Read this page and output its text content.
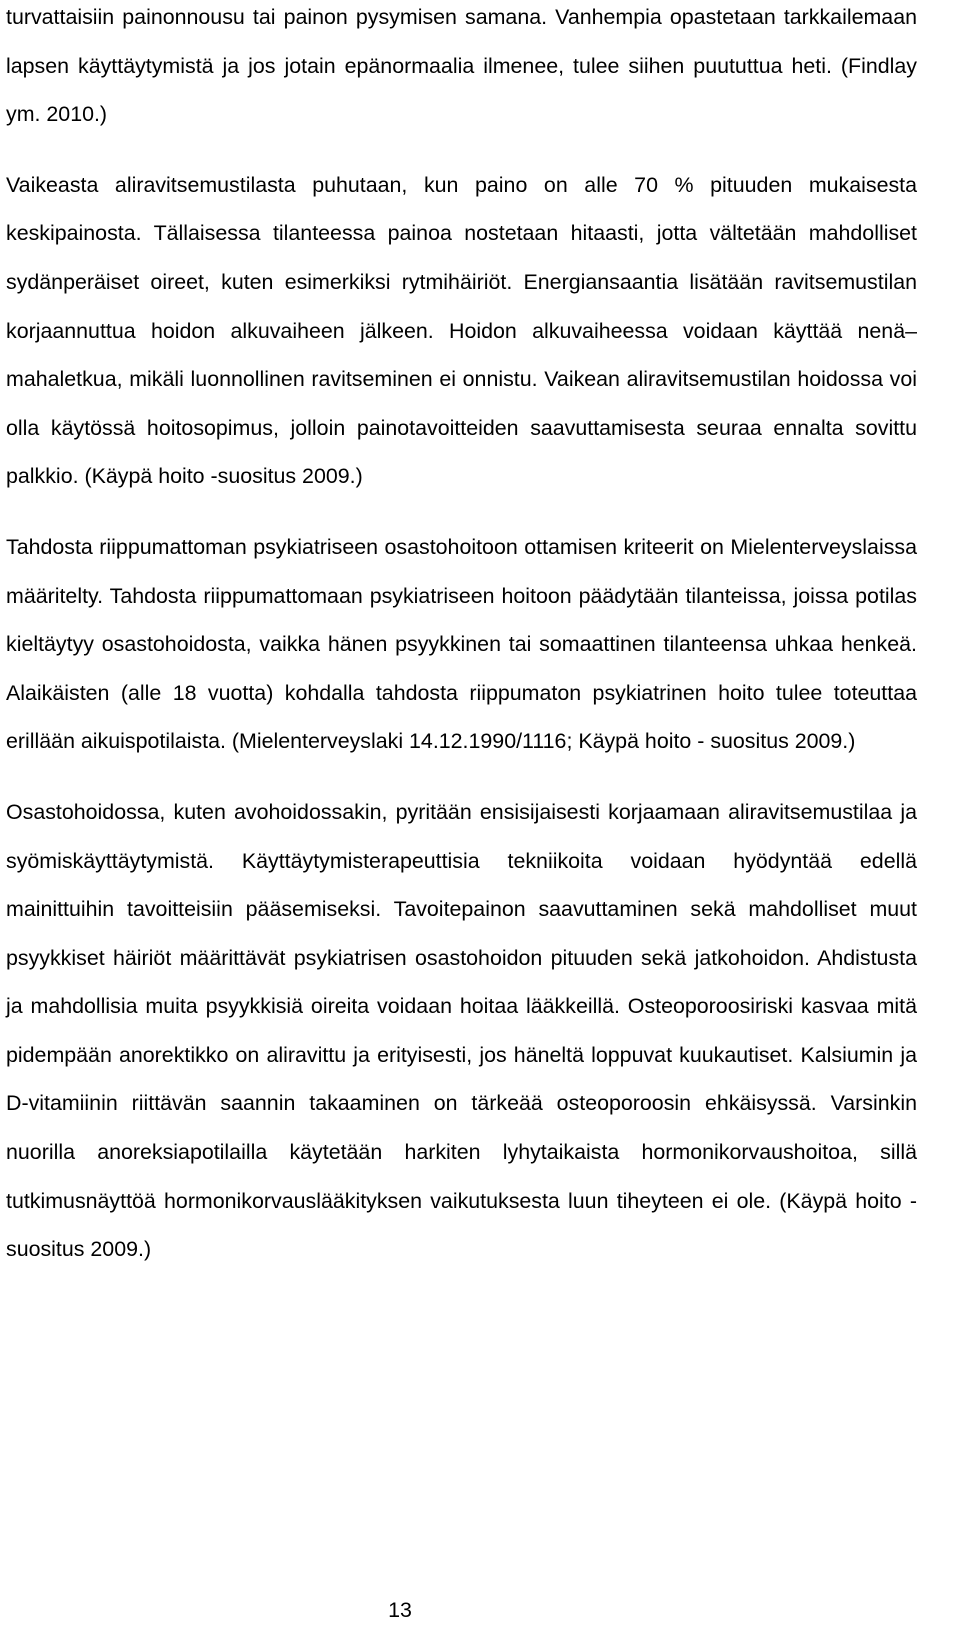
turvattaisiin painonnousu tai painon pysymisen samana. Vanhempia opastetaan tarkkailemaan lapsen käyttäytymistä ja jos jotain epänormaalia ilmenee, tulee siihen puututtua heti. (Findlay ym. 2010.)

Vaikeasta aliravitsemustilasta puhutaan, kun paino on alle 70 % pituuden mukaisesta keskipainosta. Tällaisessa tilanteessa painoa nostetaan hitaasti, jotta vältetään mahdolliset sydänperäiset oireet, kuten esimerkiksi rytmihäiriöt. Energiansaantia lisätään ravitsemustilan korjaannuttua hoidon alkuvaiheen jälkeen. Hoidon alkuvaiheessa voidaan käyttää nenä–mahaletkua, mikäli luonnollinen ravitseminen ei onnistu. Vaikean aliravitsemustilan hoidossa voi olla käytössä hoitosopimus, jolloin painotavoitteiden saavuttamisesta seuraa ennalta sovittu palkkio. (Käypä hoito -suositus 2009.)

Tahdosta riippumattoman psykiatriseen osastohoitoon ottamisen kriteerit on Mielenterveyslaissa määritelty. Tahdosta riippumattomaan psykiatriseen hoitoon päädytään tilanteissa, joissa potilas kieltäytyy osastohoidosta, vaikka hänen psyykkinen tai somaattinen tilanteensa uhkaa henkeä. Alaikäisten (alle 18 vuotta) kohdalla tahdosta riippumaton psykiatrinen hoito tulee toteuttaa erillään aikuispotilaista. (Mielenterveyslaki 14.12.1990/1116; Käypä hoito - suositus 2009.)

Osastohoidossa, kuten avohoidossakin, pyritään ensisijaisesti korjaamaan aliravitsemustilaa ja syömiskäyttäytymistä. Käyttäytymisterapeuttisia tekniikoita voidaan hyödyntää edellä mainittuihin tavoitteisiin pääsemiseksi. Tavoitepainon saavuttaminen sekä mahdolliset muut psyykkiset häiriöt määrittävät psykiatrisen osastohoidon pituuden sekä jatkohoidon. Ahdistusta ja mahdollisia muita psyykkisiä oireita voidaan hoitaa lääkkeillä. Osteoporoosiriski kasvaa mitä pidempään anorektikko on aliravittu ja erityisesti, jos häneltä loppuvat kuukautiset. Kalsiumin ja D-vitamiinin riittävän saannin takaaminen on tärkeää osteoporoosin ehkäisyssä. Varsinkin nuorilla anoreksiapotilailla käytetään harkiten lyhytaikaista hormonikorvaushoitoa, sillä tutkimusnäyttöä hormonikorvauslääkityksen vaikutuksesta luun tiheyteen ei ole. (Käypä hoito - suositus 2009.)

13
